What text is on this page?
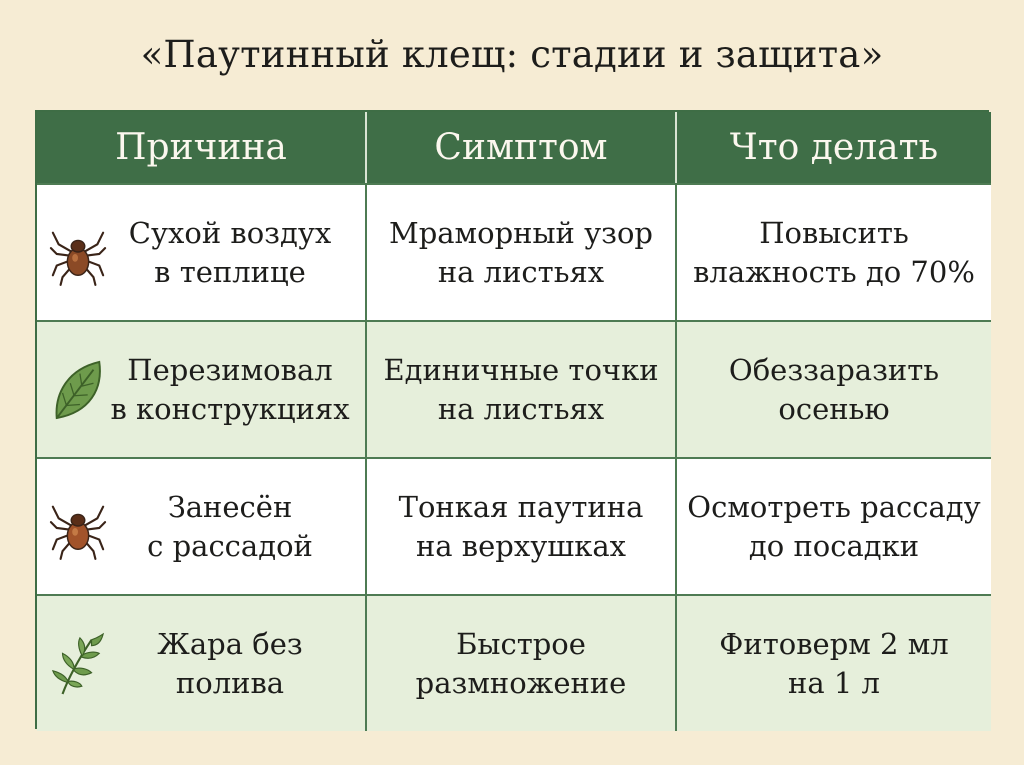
«Паутинный клещ: стадии и защита»
Причина	Симптом	Что делать
Сухой воздух
в теплице
Мраморный узор
на листьях
Повысить
влажность до 70%
Перезимовал
в конструкциях
Единичные точки
на листьях
Обеззаразить
осенью
Занесён
с рассадой
Тонкая паутина
на верхушках
Осмотреть рассаду
до посадки
Жара без
полива
Быстрое
размножение
Фитоверм 2 мл
на 1 л
